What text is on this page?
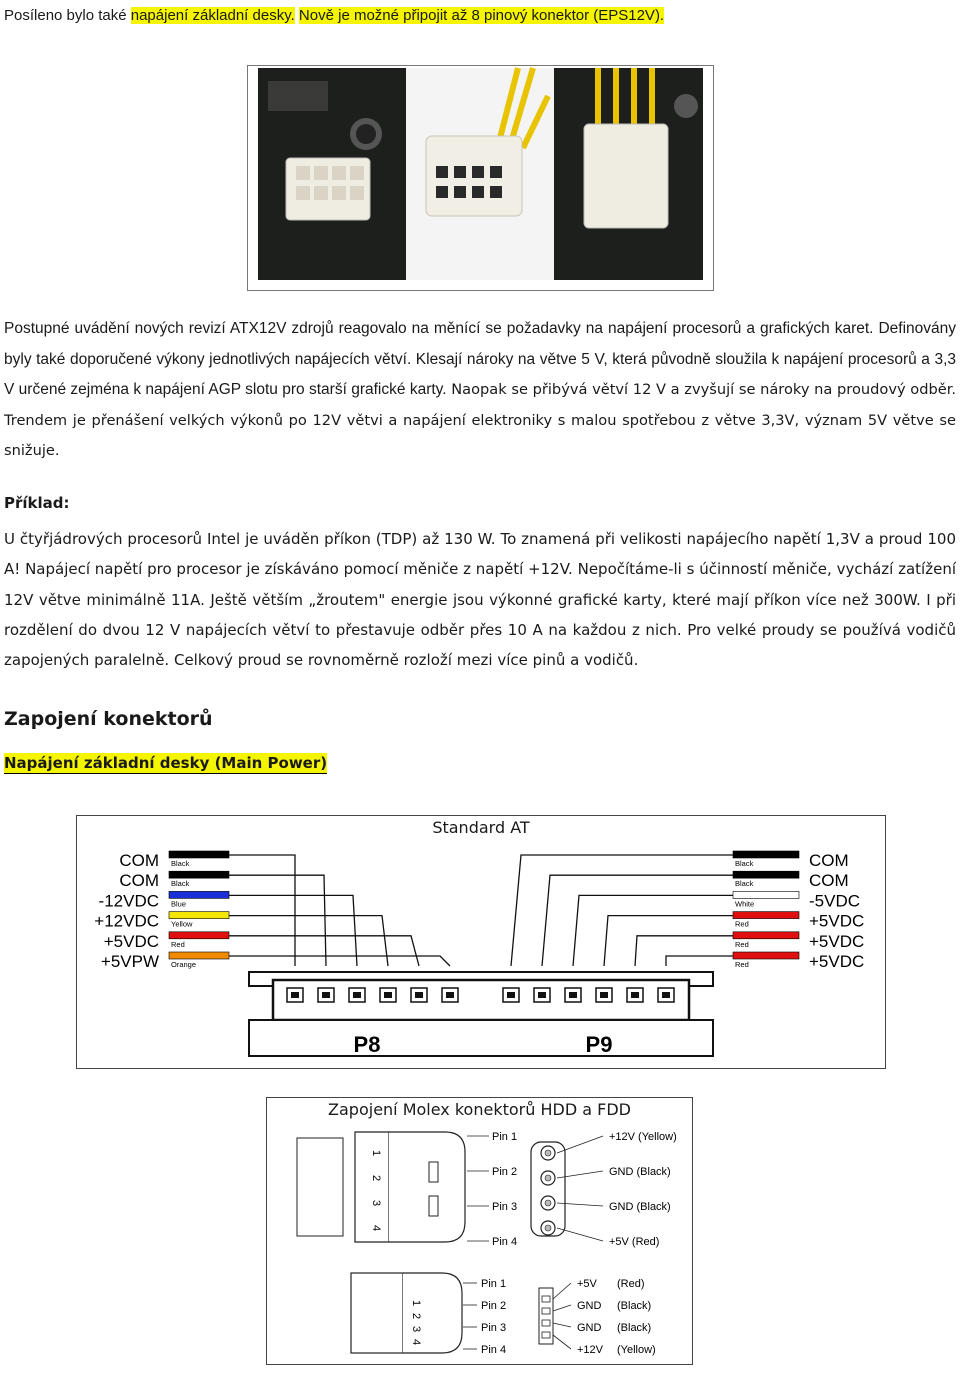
Posíleno bylo také napájení základní desky. Nově je možné připojit až 8 pinový konektor (EPS12V).
Postupné uvádění nových revizí ATX12V zdrojů reagovalo na měnící se požadavky na napájení procesorů a grafických karet. Definovány byly také doporučené výkony jednotlivých napájecích větví. Klesají nároky na větve 5 V, která původně sloužila k napájení procesorů a 3,3 V určené zejména k napájení AGP slotu pro starší grafické karty. Naopak se přibývá větví 12 V a zvyšují se nároky na proudový odběr. Trendem je přenášení velkých výkonů po 12V větvi a napájení elektroniky s malou spotřebou z větve 3,3V, význam 5V větve se snižuje.
Příklad:

U čtyřjádrových procesorů Intel je uváděn příkon (TDP) až 130 W. To znamená při velikosti napájecího napětí 1,3V a proud 100 A! Napájecí napětí pro procesor je získáváno pomocí měniče z napětí +12V. Nepočítáme-li s účinností měniče, vychází zatížení 12V větve minimálně 11A. Ještě větším „žroutem" energie jsou výkonné grafické karty, které mají příkon více než 300W. I při rozdělení do dvou 12 V napájecích větví to přestavuje odběr přes 10 A na každou z nich. Pro velké proudy se používá vodičů zapojených paralelně. Celkový proud se rovnoměrně rozloží mezi více pinů a vodičů.
Zapojení konektorů
Napájení základní desky (Main Power)
Standard AT
COM Black
COM Black
-12VDC Blue
+12VDC Yellow
+5VDC Red
+5VPW Orange
Black	COM
Black	COM
White	-5VDC
Red	+5VDC
Red	+5VDC
Red	+5VDC
P8	P9
Zapojení Molex konektorů HDD a FDD
Pin 1
1
+12V (Yellow)
Pin 2
2
GND (Black)
Pin 3
3	GND (Black)
Pin 4
4
+5V (Red)
Pin 1
1
+5V (Red)
Pin 2
2
GND (Black)
Pin 3
3	GND (Black)
Pin 4
4
+12V (Yellow)
